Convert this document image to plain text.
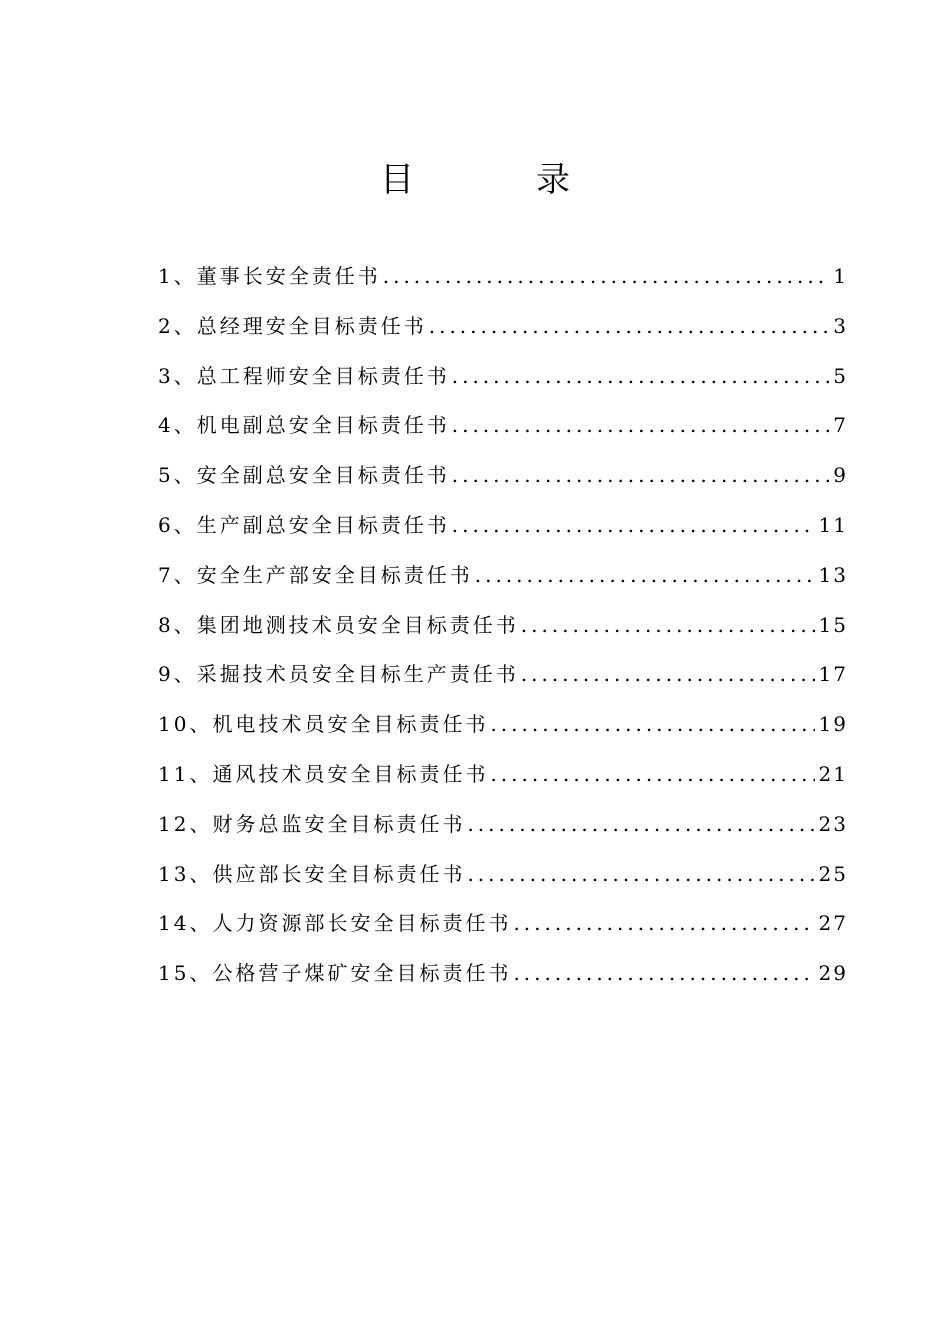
目	录
1、董事长安全责任书 .....	1
2、总经理安全目标责任书 .....	3
3、总工程师安全目标责任书 .....	5
4、机电副总安全目标责任书 .....	7
5、安全副总安全目标责任书 .....	9
6、生产副总安全目标责任书 .....	11
7、安全生产部安全目标责任书 .....	13
8、集团地测技术员安全目标责任书 .....	15
9、采掘技术员安全目标生产责任书 .....	17
10、机电技术员安全目标责任书 .....	19
11、通风技术员安全目标责任书 .....	21
12、财务总监安全目标责任书 .....	23
13、供应部长安全目标责任书 .....	25
14、人力资源部长安全目标责任书 .....	27
15、公格营子煤矿安全目标责任书 .....	29
